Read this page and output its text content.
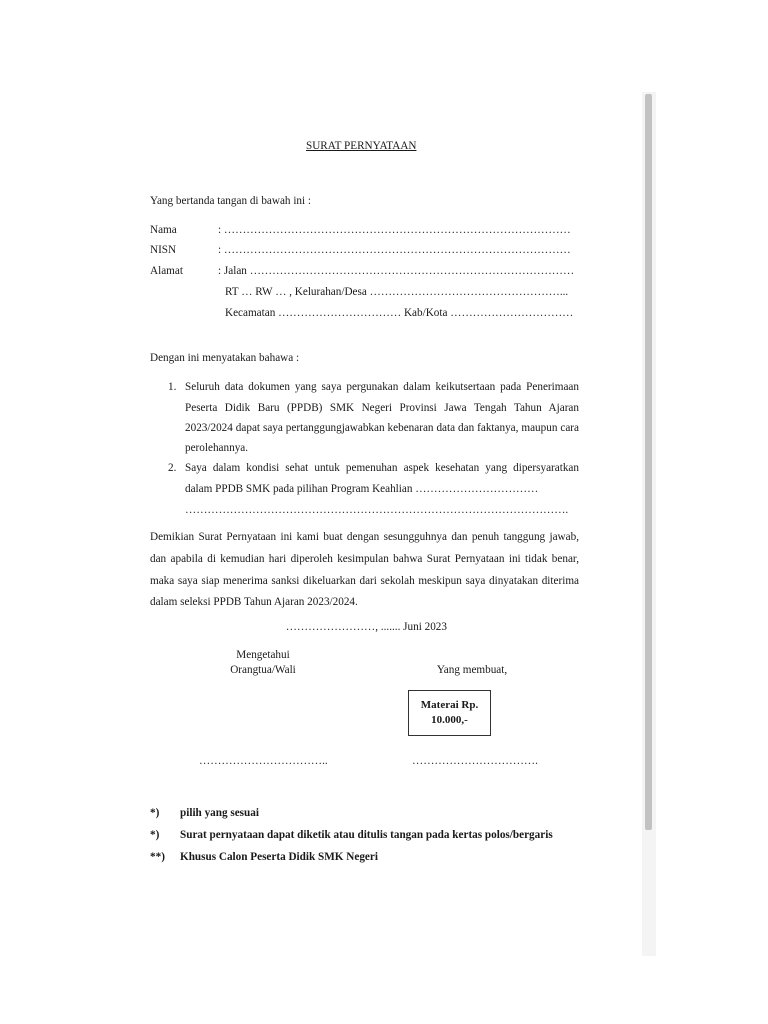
SURAT PERNYATAAN
Yang bertanda tangan di bawah ini :
Nama	: …………………………………………………………………………………
NISN	: …………………………………………………………………………………
Alamat	: Jalan ……………………………………………………………………………
RT … RW … , Kelurahan/Desa ……………………………………………...
Kecamatan …………………………… Kab/Kota ……………………………
Dengan ini menyatakan bahawa :
1. Seluruh data dokumen yang saya pergunakan dalam keikutsertaan pada Penerimaan
Peserta Didik Baru (PPDB) SMK Negeri Provinsi Jawa Tengah Tahun Ajaran
2023/2024 dapat saya pertanggungjawabkan kebenaran data dan faktanya, maupun cara
perolehannya.
2. Saya dalam kondisi sehat untuk pemenuhan aspek kesehatan yang dipersyaratkan
dalam PPDB SMK pada pilihan Program Keahlian ……………………………
………………………………………………………………………………………….
Demikian Surat Pernyataan ini kami buat dengan sesungguhnya dan penuh tanggung jawab,
dan apabila di kemudian hari diperoleh kesimpulan bahwa Surat Pernyataan ini tidak benar,
maka saya siap menerima sanksi dikeluarkan dari sekolah meskipun saya dinyatakan diterima
dalam seleksi PPDB Tahun Ajaran 2023/2024.
……………………, ....... Juni 2023
Mengetahui
Orangtua/Wali	Yang membuat,
Materai Rp.
10.000,-
……………………………..	…………………………….
*) pilih yang sesuai
*) Surat pernyataan dapat diketik atau ditulis tangan pada kertas polos/bergaris
**) Khusus Calon Peserta Didik SMK Negeri
